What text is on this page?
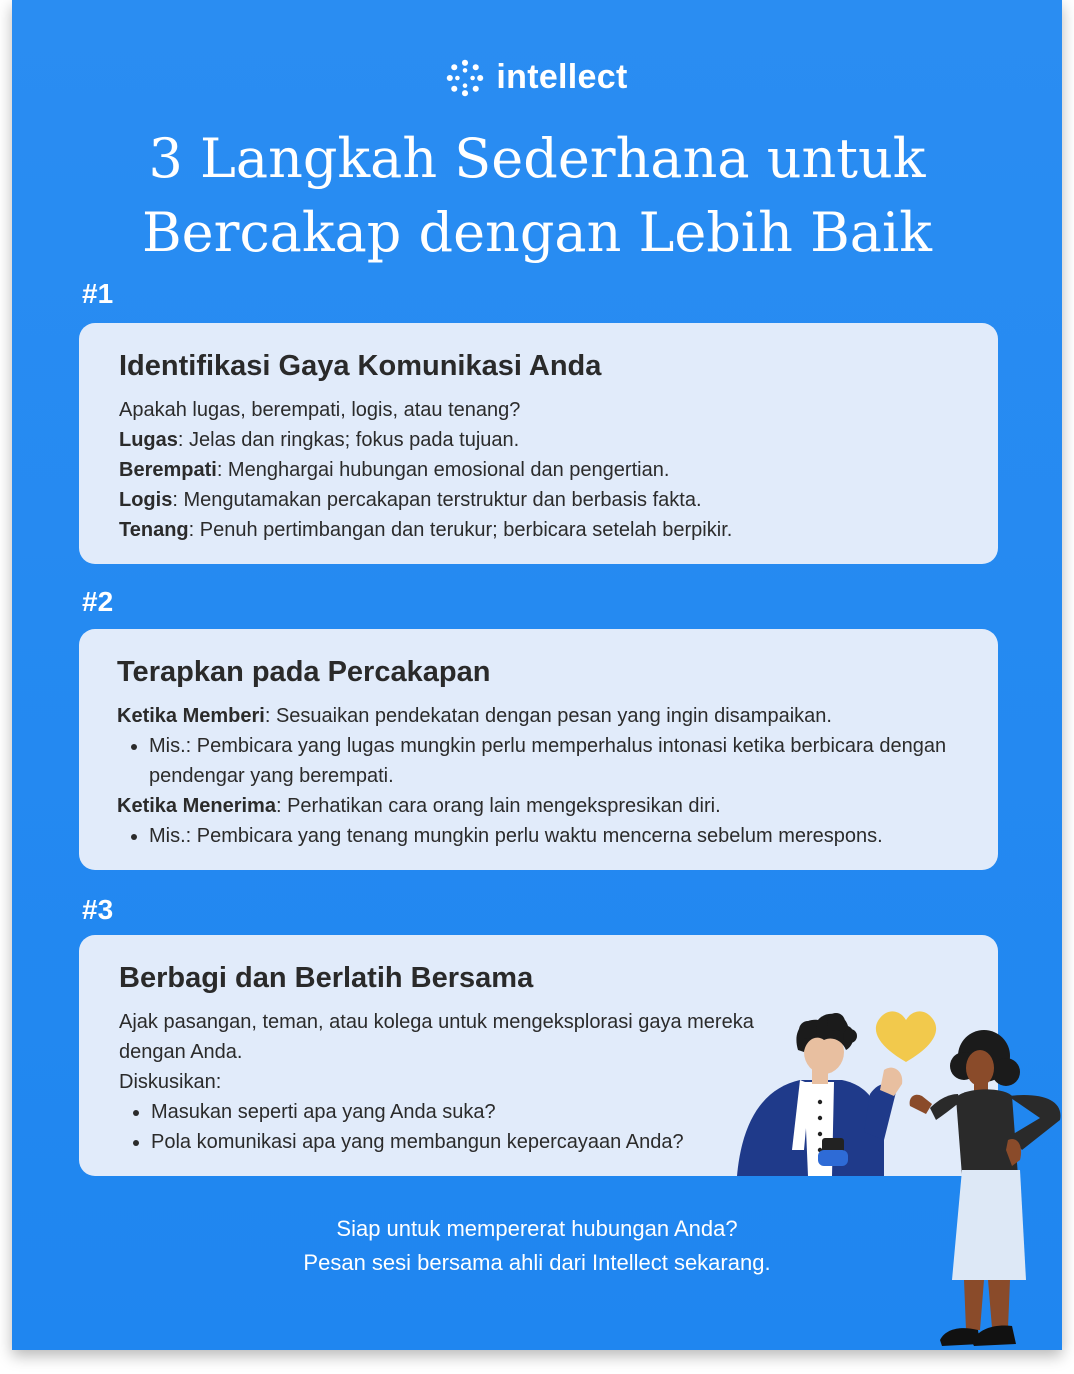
intellect
3 Langkah Sederhana untuk
Bercakap dengan Lebih Baik
#1
Identifikasi Gaya Komunikasi Anda

Apakah lugas, berempati, logis, atau tenang?

Lugas: Jelas dan ringkas; fokus pada tujuan.

Berempati: Menghargai hubungan emosional dan pengertian.

Logis: Mengutamakan percakapan terstruktur dan berbasis fakta.

Tenang: Penuh pertimbangan dan terukur; berbicara setelah berpikir.

#2
Terapkan pada Percakapan

Ketika Memberi: Sesuaikan pendekatan dengan pesan yang ingin disampaikan.

• Mis.: Pembicara yang lugas mungkin perlu memperhalus intonasi ketika berbicara dengan pendengar yang berempati.

Ketika Menerima: Perhatikan cara orang lain mengekspresikan diri.

• Mis.: Pembicara yang tenang mungkin perlu waktu mencerna sebelum merespons.
#3
Berbagi dan Berlatih Bersama

Ajak pasangan, teman, atau kolega untuk mengeksplorasi gaya mereka

dengan Anda.

Diskusikan:

• Masukan seperti apa yang Anda suka?
• Pola komunikasi apa yang membangun kepercayaan Anda?
Siap untuk mempererat hubungan Anda?
Pesan sesi bersama ahli dari Intellect sekarang.
